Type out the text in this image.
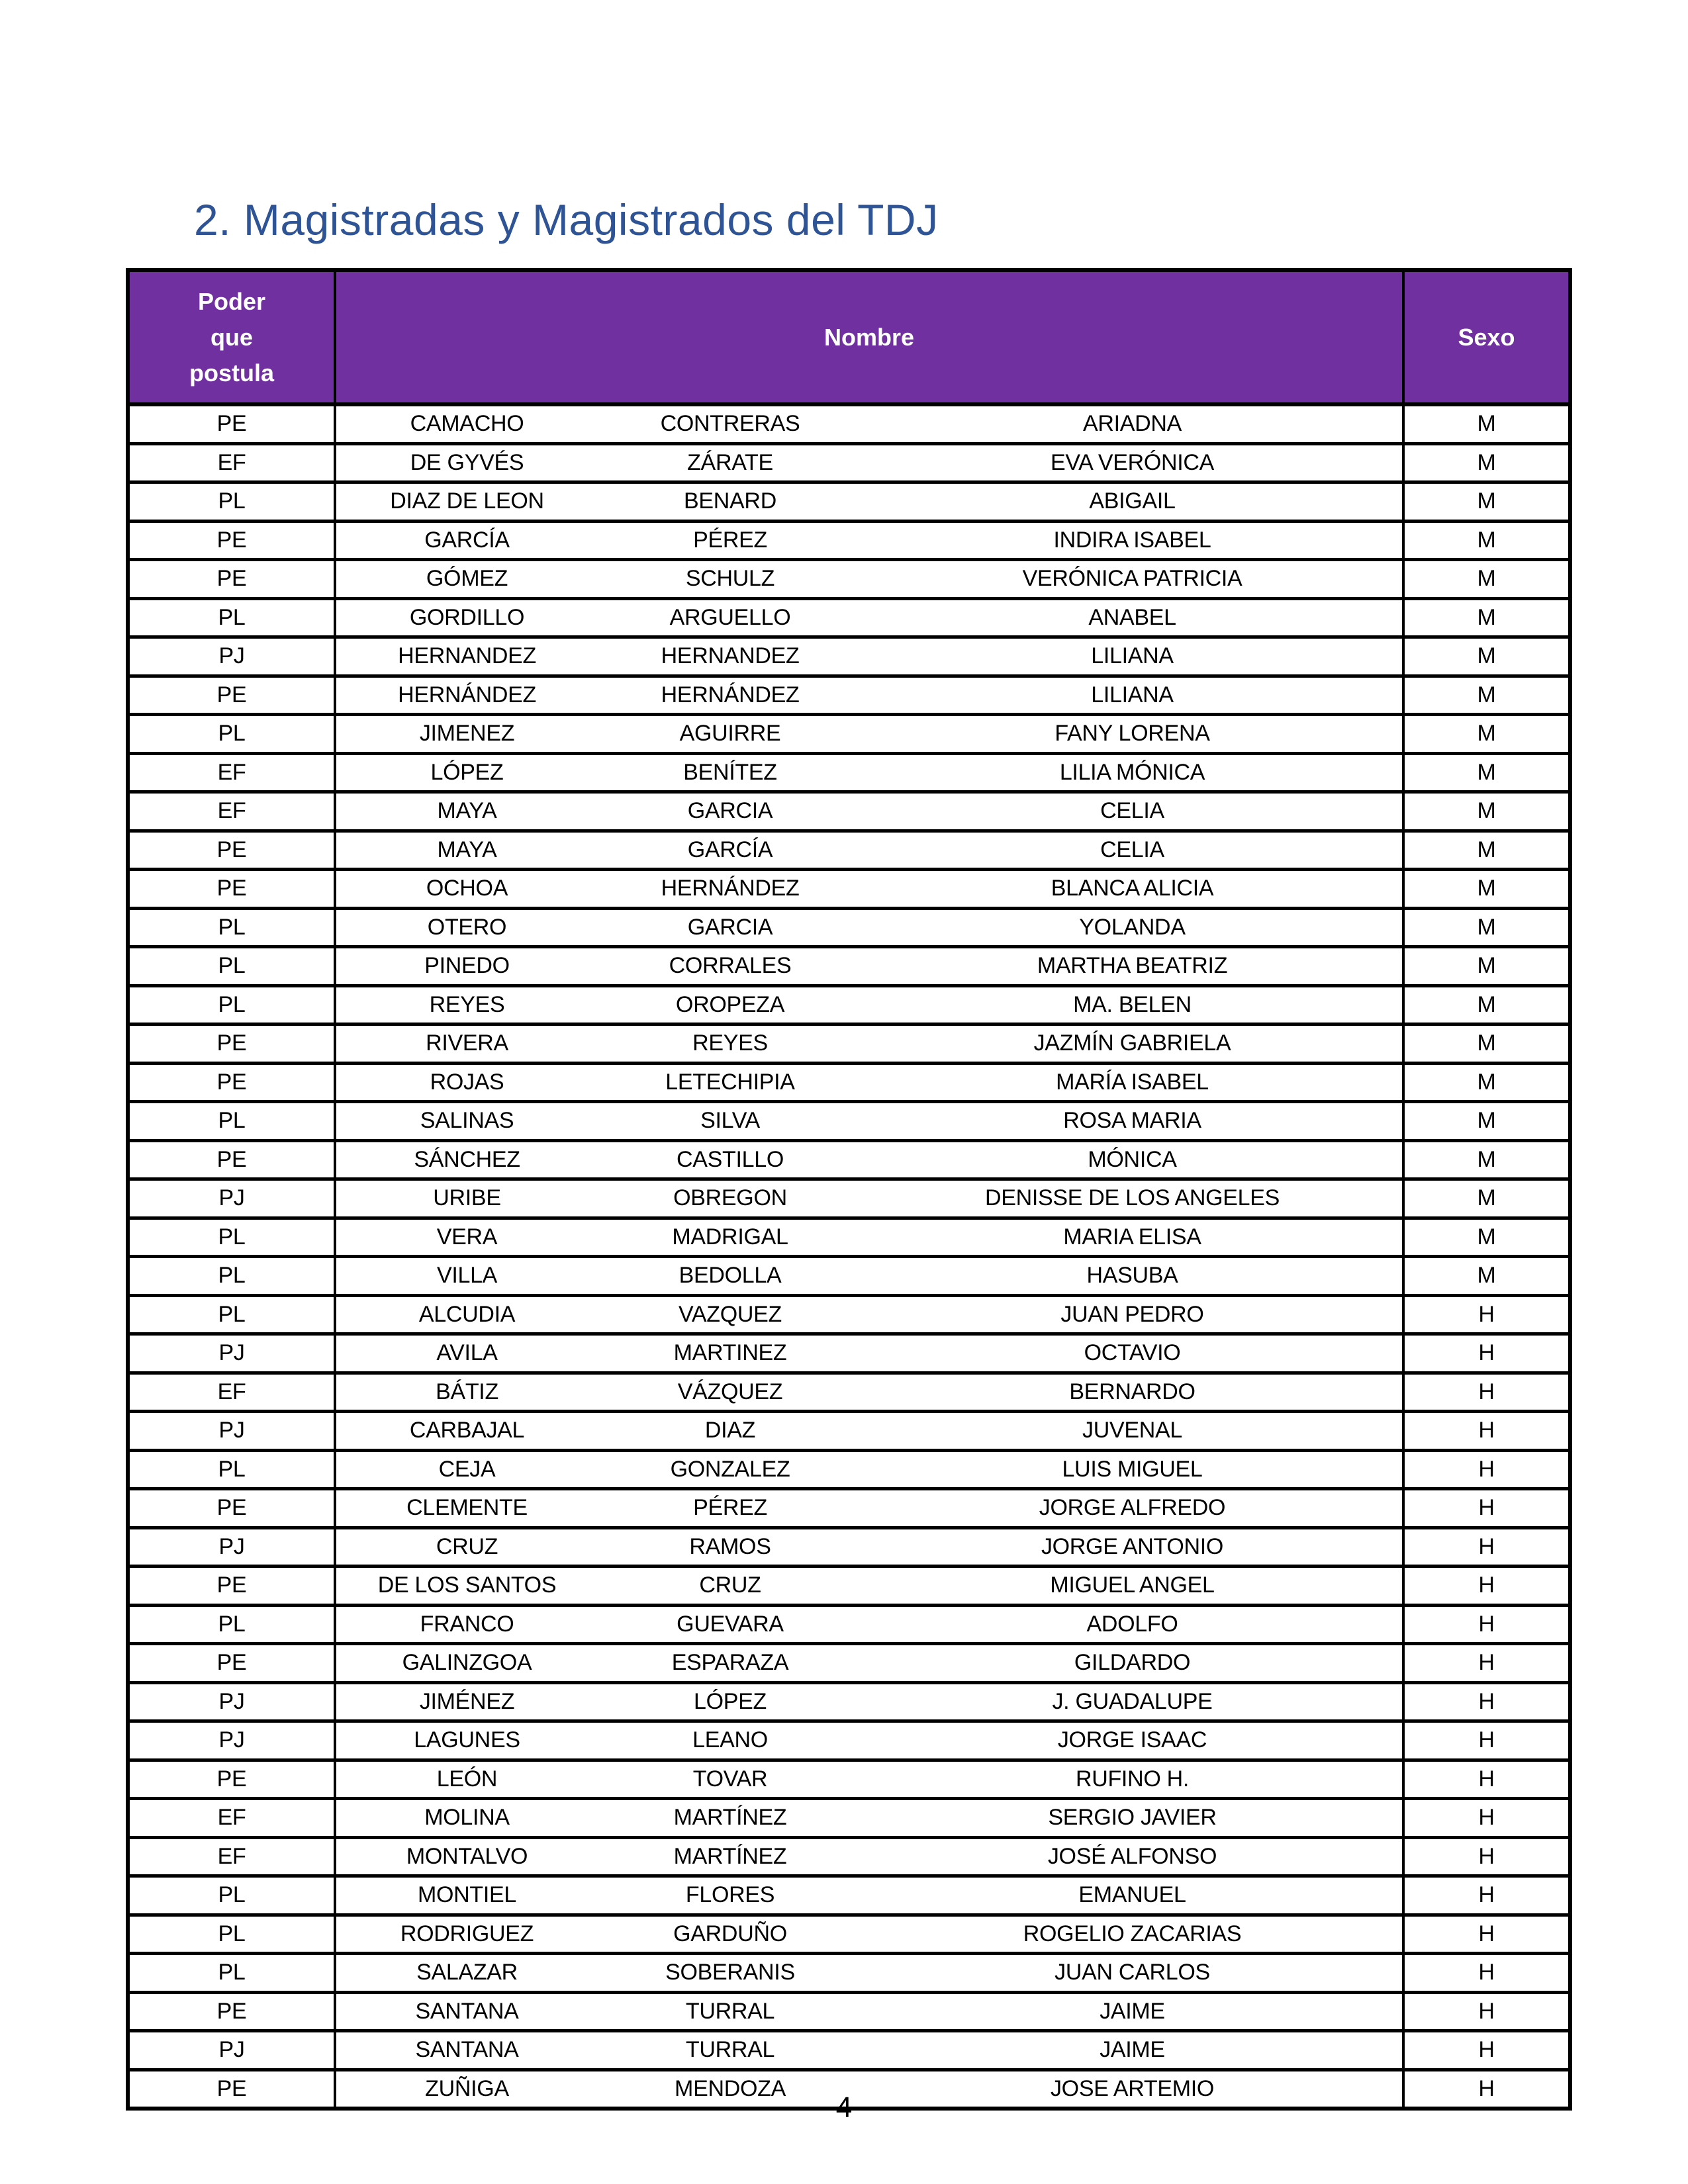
2. Magistradas y Magistrados del TDJ
Poder que postula	Nombre			Sexo
PE	CAMACHO	CONTRERAS	ARIADNA	M
EF	DE GYVÉS	ZÁRATE	EVA VERÓNICA	M
PL	DIAZ DE LEON	BENARD	ABIGAIL	M
PE	GARCÍA	PÉREZ	INDIRA ISABEL	M
PE	GÓMEZ	SCHULZ	VERÓNICA PATRICIA	M
PL	GORDILLO	ARGUELLO	ANABEL	M
PJ	HERNANDEZ	HERNANDEZ	LILIANA	M
PE	HERNÁNDEZ	HERNÁNDEZ	LILIANA	M
PL	JIMENEZ	AGUIRRE	FANY LORENA	M
EF	LÓPEZ	BENÍTEZ	LILIA MÓNICA	M
EF	MAYA	GARCIA	CELIA	M
PE	MAYA	GARCÍA	CELIA	M
PE	OCHOA	HERNÁNDEZ	BLANCA ALICIA	M
PL	OTERO	GARCIA	YOLANDA	M
PL	PINEDO	CORRALES	MARTHA BEATRIZ	M
PL	REYES	OROPEZA	MA. BELEN	M
PE	RIVERA	REYES	JAZMÍN GABRIELA	M
PE	ROJAS	LETECHIPIA	MARÍA ISABEL	M
PL	SALINAS	SILVA	ROSA MARIA	M
PE	SÁNCHEZ	CASTILLO	MÓNICA	M
PJ	URIBE	OBREGON	DENISSE DE LOS ANGELES	M
PL	VERA	MADRIGAL	MARIA ELISA	M
PL	VILLA	BEDOLLA	HASUBA	M
PL	ALCUDIA	VAZQUEZ	JUAN PEDRO	H
PJ	AVILA	MARTINEZ	OCTAVIO	H
EF	BÁTIZ	VÁZQUEZ	BERNARDO	H
PJ	CARBAJAL	DIAZ	JUVENAL	H
PL	CEJA	GONZALEZ	LUIS MIGUEL	H
PE	CLEMENTE	PÉREZ	JORGE ALFREDO	H
PJ	CRUZ	RAMOS	JORGE ANTONIO	H
PE	DE LOS SANTOS	CRUZ	MIGUEL ANGEL	H
PL	FRANCO	GUEVARA	ADOLFO	H
PE	GALINZGOA	ESPARAZA	GILDARDO	H
PJ	JIMÉNEZ	LÓPEZ	J. GUADALUPE	H
PJ	LAGUNES	LEANO	JORGE ISAAC	H
PE	LEÓN	TOVAR	RUFINO H.	H
EF	MOLINA	MARTÍNEZ	SERGIO JAVIER	H
EF	MONTALVO	MARTÍNEZ	JOSÉ ALFONSO	H
PL	MONTIEL	FLORES	EMANUEL	H
PL	RODRIGUEZ	GARDUÑO	ROGELIO ZACARIAS	H
PL	SALAZAR	SOBERANIS	JUAN CARLOS	H
PE	SANTANA	TURRAL	JAIME	H
PJ	SANTANA	TURRAL	JAIME	H
PE	ZUÑIGA	MENDOZA	JOSE ARTEMIO	H
4
